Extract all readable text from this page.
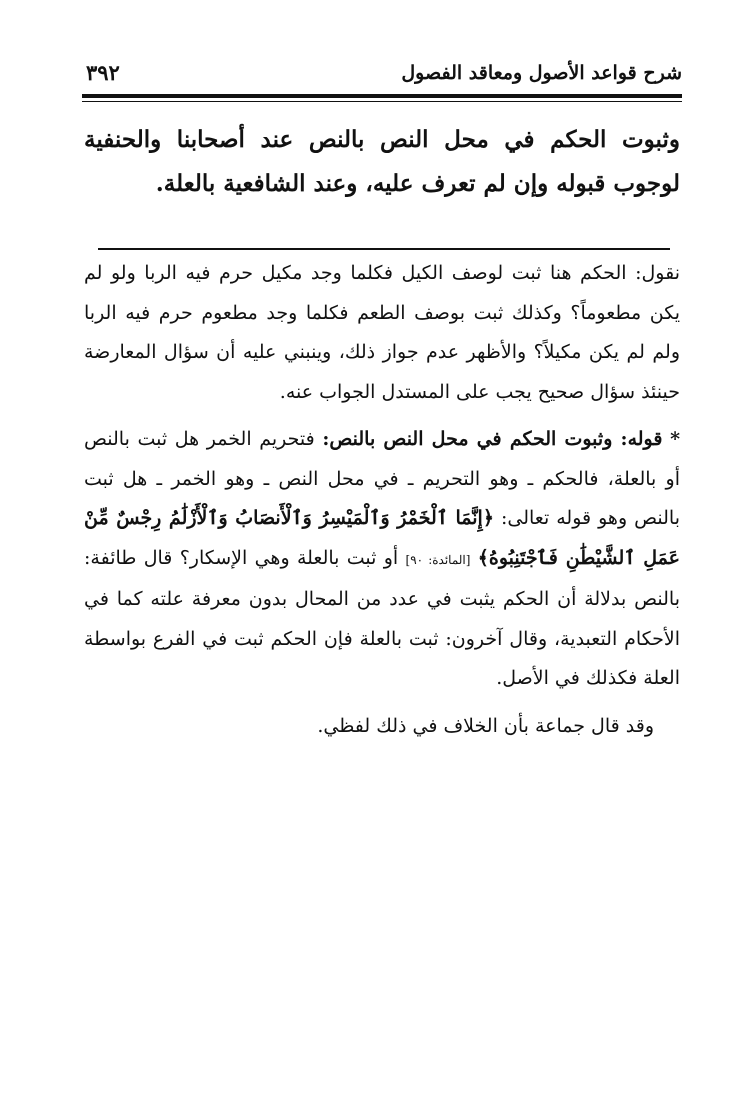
شرح قواعد الأصول ومعاقد الفصول
٣٩٢
وثبوت الحكم في محل النص بالنص عند أصحابنا والحنفية لوجوب قبوله وإن لم تعرف عليه، وعند الشافعية بالعلة.

نقول: الحكم هنا ثبت لوصف الكيل فكلما وجد مكيل حرم فيه الربا ولو لم يكن مطعوماً؟ وكذلك ثبت بوصف الطعم فكلما وجد مطعوم حرم فيه الربا ولم لم يكن مكيلاً؟ والأظهر عدم جواز ذلك، وينبني عليه أن سؤال المعارضة حينئذ سؤال صحيح يجب على المستدل الجواب عنه.

* قوله: وثبوت الحكم في محل النص بالنص: فتحريم الخمر هل ثبت بالنص أو بالعلة، فالحكم ـ وهو التحريم ـ في محل النص ـ وهو الخمر ـ هل ثبت بالنص وهو قوله تعالى: ﴿إِنَّمَا ٱلْخَمْرُ وَٱلْمَيْسِرُ وَٱلْأَنصَابُ وَٱلْأَزْلَٰمُ رِجْسٌ مِّنْ عَمَلِ ٱلشَّيْطَٰنِ فَٱجْتَنِبُوهُ﴾ [المائدة: ٩٠] أو ثبت بالعلة وهي الإسكار؟ قال طائفة: بالنص بدلالة أن الحكم يثبت في عدد من المحال بدون معرفة علته كما في الأحكام التعبدية، وقال آخرون: ثبت بالعلة فإن الحكم ثبت في الفرع بواسطة العلة فكذلك في الأصل.

وقد قال جماعة بأن الخلاف في ذلك لفظي.
